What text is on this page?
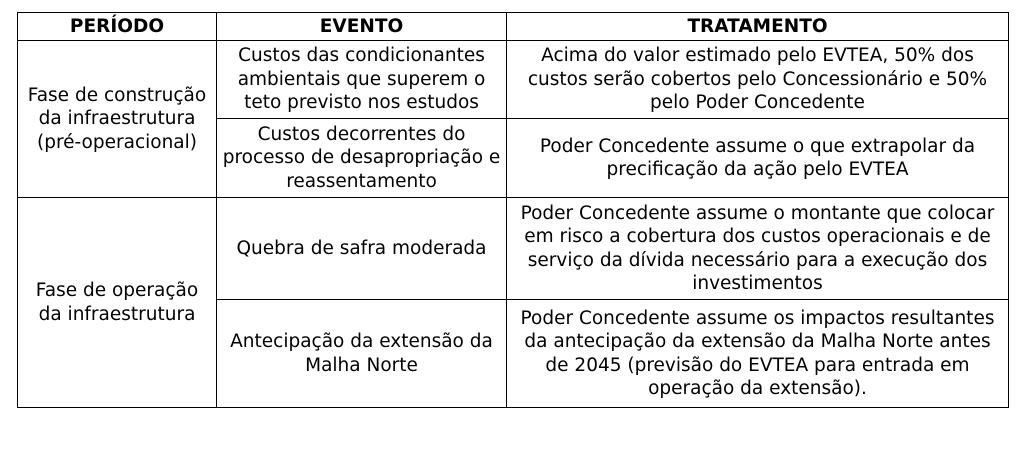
PERÍODO	EVENTO	TRATAMENTO
Fase de construção da infraestrutura (pré-operacional)	Custos das condicionantes ambientais que superem o teto previsto nos estudos	Acima do valor estimado pelo EVTEA, 50% dos custos serão cobertos pelo Concessionário e 50% pelo Poder Concedente
	Custos decorrentes do processo de desapropriação e reassentamento	Poder Concedente assume o que extrapolar da precificação da ação pelo EVTEA
Fase de operação da infraestrutura	Quebra de safra moderada	Poder Concedente assume o montante que colocar em risco a cobertura dos custos operacionais e de serviço da dívida necessário para a execução dos investimentos
	Antecipação da extensão da Malha Norte	Poder Concedente assume os impactos resultantes da antecipação da extensão da Malha Norte antes de 2045 (previsão do EVTEA para entrada em operação da extensão).
